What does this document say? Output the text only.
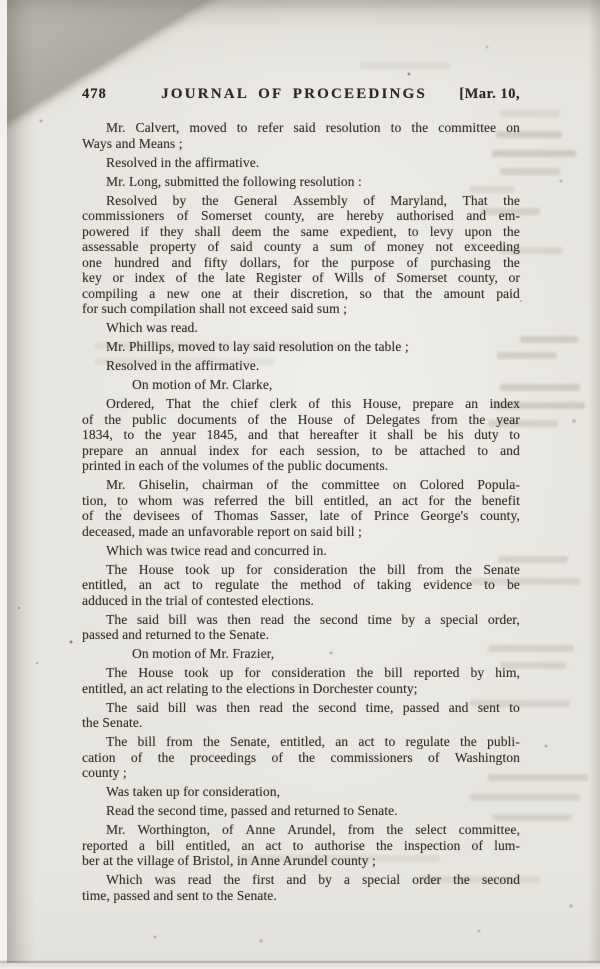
478	JOURNAL OF PROCEEDINGS	[Mar. 10,
Mr. Calvert, moved to refer said resolution to the committee on
Ways and Means ;
Resolved in the affirmative.
Mr. Long, submitted the following resolution :
Resolved by the General Assembly of Maryland, That the
commissioners of Somerset county, are hereby authorised and em-
powered if they shall deem the same expedient, to levy upon the
assessable property of said county a sum of money not exceeding
one hundred and fifty dollars, for the purpose of purchasing the
key or index of the late Register of Wills of Somerset county, or
compiling a new one at their discretion, so that the amount paid
for such compilation shall not exceed said sum ;
Which was read.
Mr. Phillips, moved to lay said resolution on the table ;
Resolved in the affirmative.
On motion of Mr. Clarke,
Ordered, That the chief clerk of this House, prepare an index
of the public documents of the House of Delegates from the year
1834, to the year 1845, and that hereafter it shall be his duty to
prepare an annual index for each session, to be attached to and
printed in each of the volumes of the public documents.
Mr. Ghiselin, chairman of the committee on Colored Popula-
tion, to whom was referred the bill entitled, an act for the benefit
of the devisees of Thomas Sasser, late of Prince George's county,
deceased, made an unfavorable report on said bill ;
Which was twice read and concurred in.
The House took up for consideration the bill from the Senate
entitled, an act to regulate the method of taking evidence to be
adduced in the trial of contested elections.
The said bill was then read the second time by a special order,
passed and returned to the Senate.
On motion of Mr. Frazier,
The House took up for consideration the bill reported by him,
entitled, an act relating to the elections in Dorchester county;
The said bill was then read the second time, passed and sent to
the Senate.
The bill from the Senate, entitled, an act to regulate the publi-
cation of the proceedings of the commissioners of Washington
county ;
Was taken up for consideration,
Read the second time, passed and returned to Senate.
Mr. Worthington, of Anne Arundel, from the select committee,
reported a bill entitled, an act to authorise the inspection of lum-
ber at the village of Bristol, in Anne Arundel county ;
Which was read the first and by a special order the second
time, passed and sent to the Senate.
